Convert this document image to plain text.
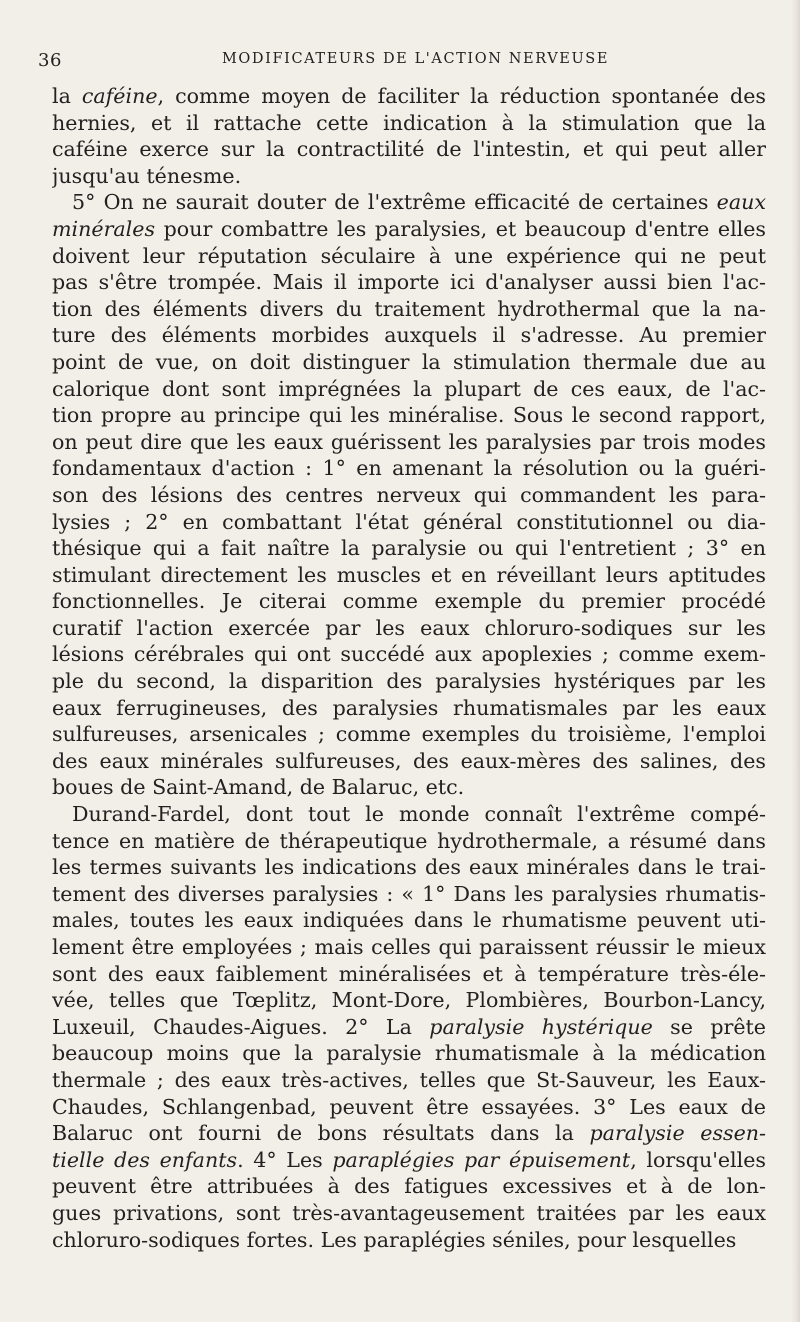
36	MODIFICATEURS DE L'ACTION NERVEUSE
la caféine, comme moyen de faciliter la réduction spontanée des
hernies, et il rattache cette indication à la stimulation que la
caféine exerce sur la contractilité de l'intestin, et qui peut aller
jusqu'au ténesme.
5° On ne saurait douter de l'extrême efficacité de certaines eaux
minérales pour combattre les paralysies, et beaucoup d'entre elles
doivent leur réputation séculaire à une expérience qui ne peut
pas s'être trompée. Mais il importe ici d'analyser aussi bien l'ac-
tion des éléments divers du traitement hydrothermal que la na-
ture des éléments morbides auxquels il s'adresse. Au premier
point de vue, on doit distinguer la stimulation thermale due au
calorique dont sont imprégnées la plupart de ces eaux, de l'ac-
tion propre au principe qui les minéralise. Sous le second rapport,
on peut dire que les eaux guérissent les paralysies par trois modes
fondamentaux d'action : 1° en amenant la résolution ou la guéri-
son des lésions des centres nerveux qui commandent les para-
lysies ; 2° en combattant l'état général constitutionnel ou dia-
thésique qui a fait naître la paralysie ou qui l'entretient ; 3° en
stimulant directement les muscles et en réveillant leurs aptitudes
fonctionnelles. Je citerai comme exemple du premier procédé
curatif l'action exercée par les eaux chloruro-sodiques sur les
lésions cérébrales qui ont succédé aux apoplexies ; comme exem-
ple du second, la disparition des paralysies hystériques par les
eaux ferrugineuses, des paralysies rhumatismales par les eaux
sulfureuses, arsenicales ; comme exemples du troisième, l'emploi
des eaux minérales sulfureuses, des eaux-mères des salines, des
boues de Saint-Amand, de Balaruc, etc.
Durand-Fardel, dont tout le monde connaît l'extrême compé-
tence en matière de thérapeutique hydrothermale, a résumé dans
les termes suivants les indications des eaux minérales dans le trai-
tement des diverses paralysies : « 1° Dans les paralysies rhumatis-
males, toutes les eaux indiquées dans le rhumatisme peuvent uti-
lement être employées ; mais celles qui paraissent réussir le mieux
sont des eaux faiblement minéralisées et à température très-éle-
vée, telles que Tœplitz, Mont-Dore, Plombières, Bourbon-Lancy,
Luxeuil, Chaudes-Aigues. 2° La paralysie hystérique se prête
beaucoup moins que la paralysie rhumatismale à la médication
thermale ; des eaux très-actives, telles que St-Sauveur, les Eaux-
Chaudes, Schlangenbad, peuvent être essayées. 3° Les eaux de
Balaruc ont fourni de bons résultats dans la paralysie essen-
tielle des enfants. 4° Les paraplégies par épuisement, lorsqu'elles
peuvent être attribuées à des fatigues excessives et à de lon-
gues privations, sont très-avantageusement traitées par les eaux
chloruro-sodiques fortes. Les paraplégies séniles, pour lesquelles
